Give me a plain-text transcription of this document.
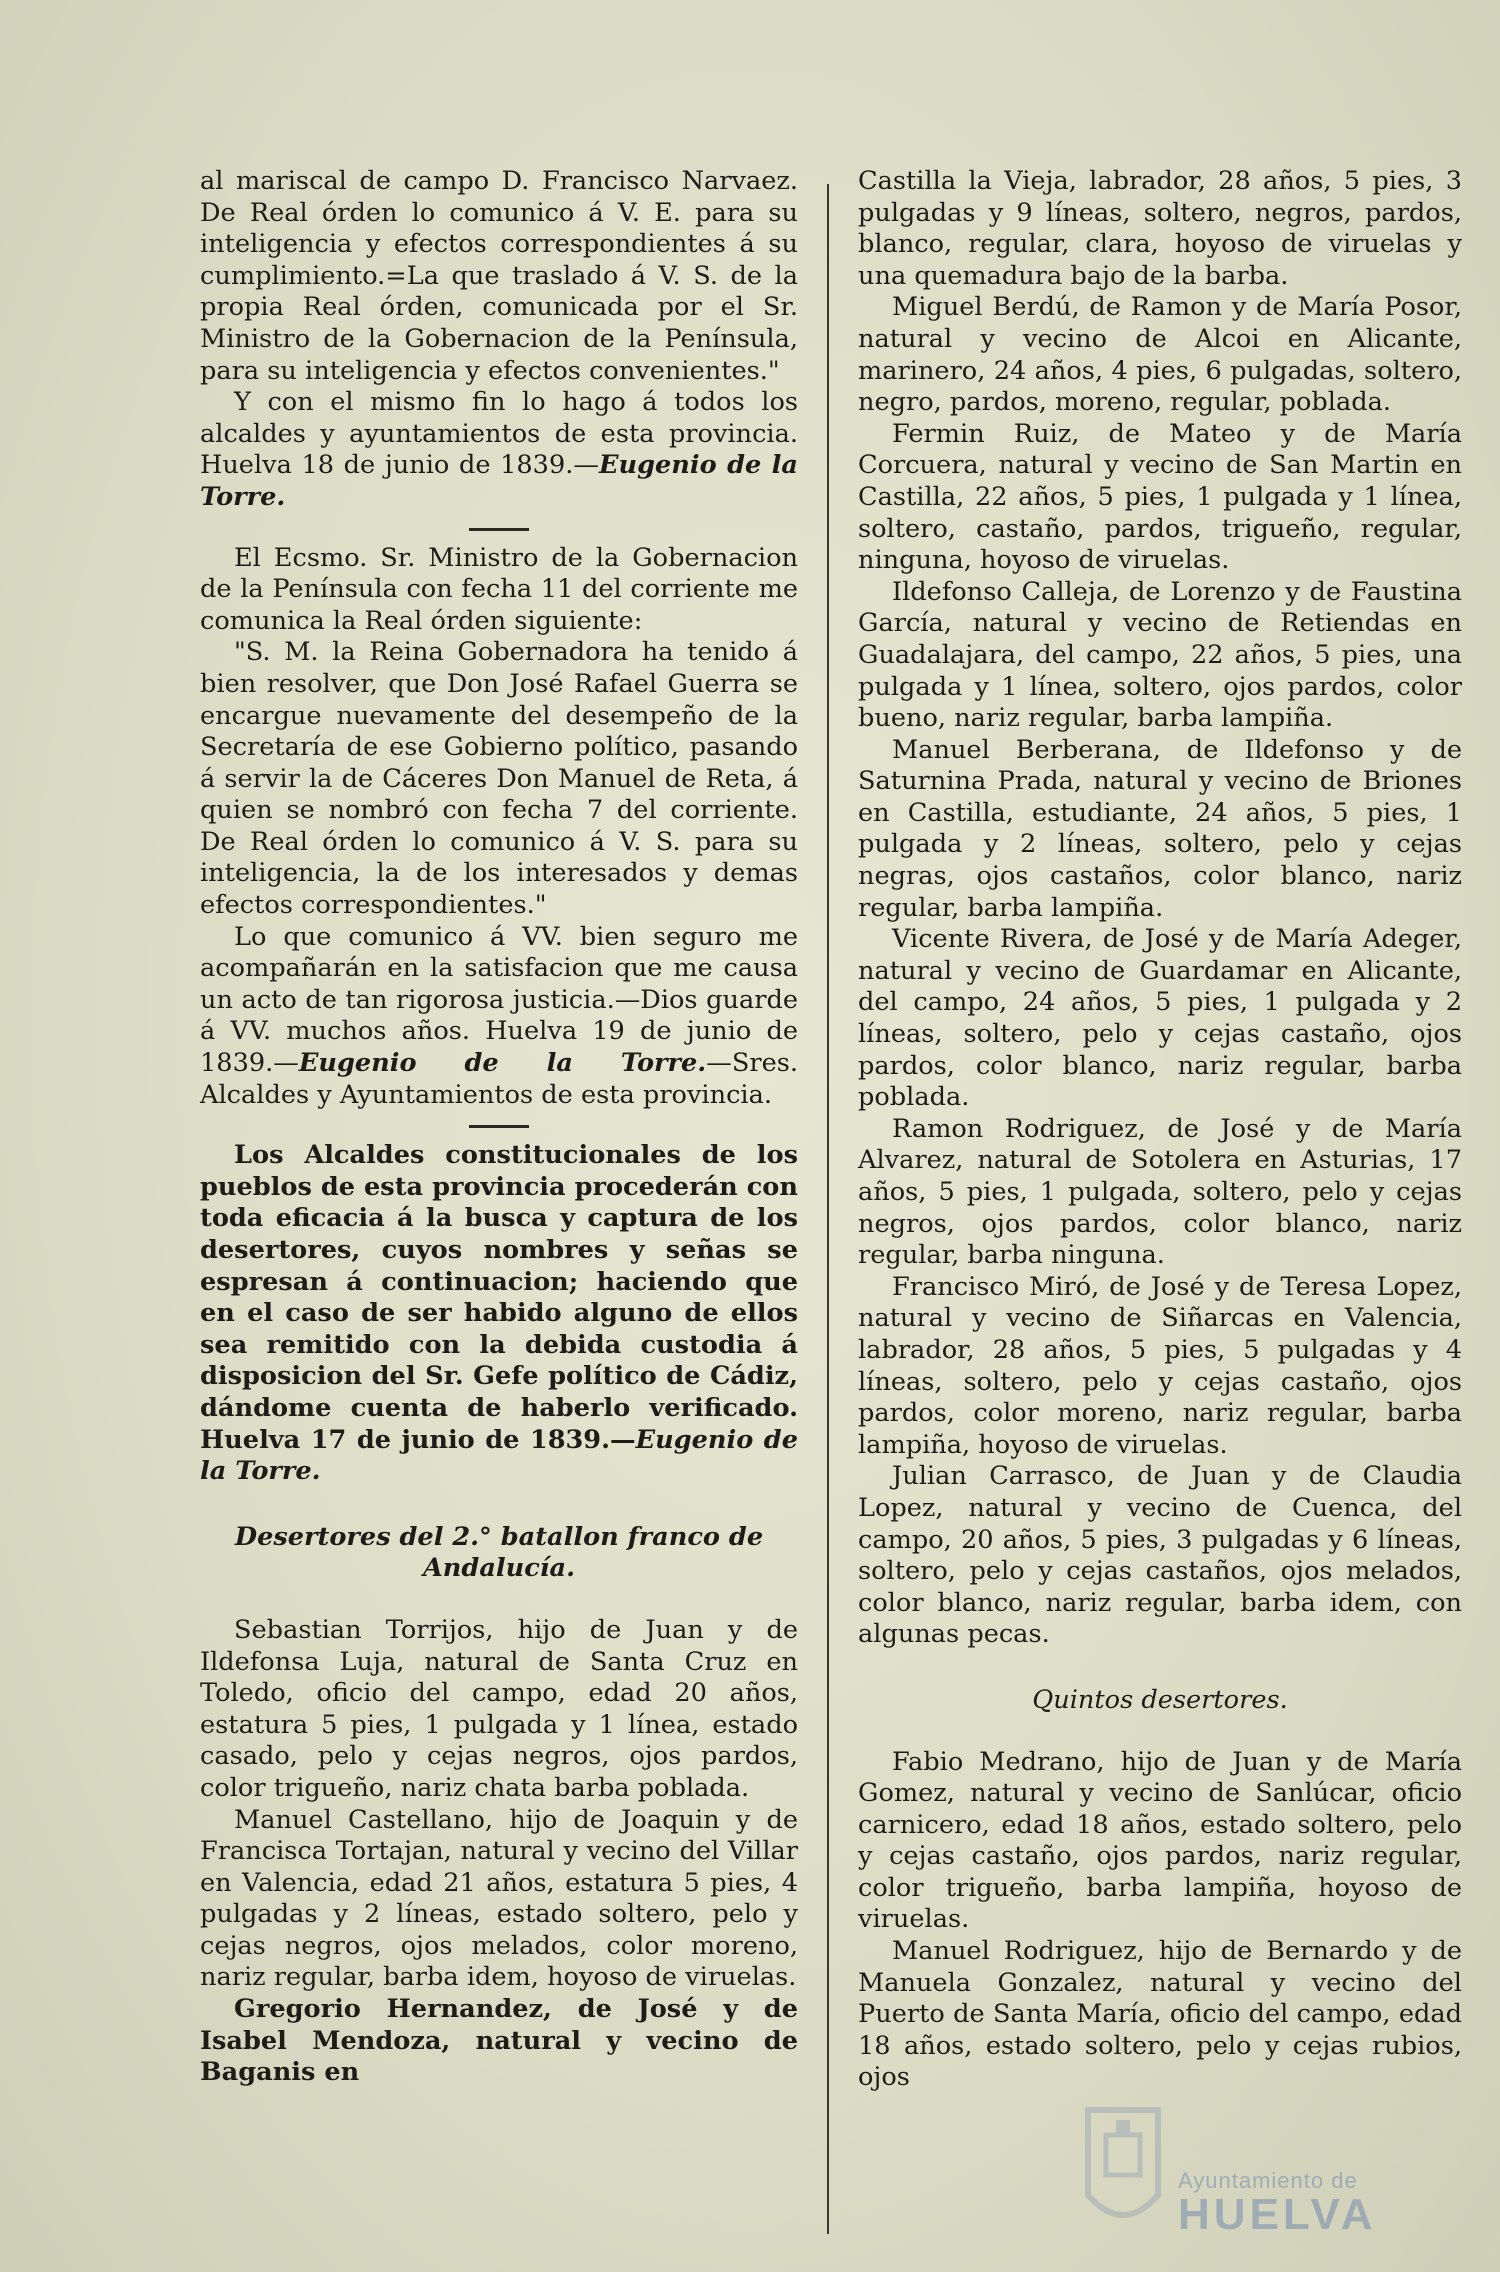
al mariscal de campo D. Francisco Narvaez. De Real órden lo comunico á V. E. para su inteligencia y efectos correspondientes á su cumplimiento.=La que traslado á V. S. de la propia Real órden, comunicada por el Sr. Ministro de la Gobernacion de la Península, para su inteligencia y efectos convenientes."

Y con el mismo fin lo hago á todos los alcaldes y ayuntamientos de esta provincia. Huelva 18 de junio de 1839.—Eugenio de la Torre.

El Ecsmo. Sr. Ministro de la Gobernacion de la Península con fecha 11 del corriente me comunica la Real órden siguiente:

"S. M. la Reina Gobernadora ha tenido á bien resolver, que Don José Rafael Guerra se encargue nuevamente del desempeño de la Secretaría de ese Gobierno político, pasando á servir la de Cáceres Don Manuel de Reta, á quien se nombró con fecha 7 del corriente. De Real órden lo comunico á V. S. para su inteligencia, la de los interesados y demas efectos correspondientes."

Lo que comunico á VV. bien seguro me acompañarán en la satisfacion que me causa un acto de tan rigorosa justicia.—Dios guarde á VV. muchos años. Huelva 19 de junio de 1839.—Eugenio de la Torre.—Sres. Alcaldes y Ayuntamientos de esta provincia.

Los Alcaldes constitucionales de los pueblos de esta provincia procederán con toda eficacia á la busca y captura de los desertores, cuyos nombres y señas se espresan á continuacion; haciendo que en el caso de ser habido alguno de ellos sea remitido con la debida custodia á disposicion del Sr. Gefe político de Cádiz, dándome cuenta de haberlo verificado. Huelva 17 de junio de 1839.—Eugenio de la Torre.

Desertores del 2.° batallon franco de Andalucía.

Sebastian Torrijos, hijo de Juan y de Ildefonsa Luja, natural de Santa Cruz en Toledo, oficio del campo, edad 20 años, estatura 5 pies, 1 pulgada y 1 línea, estado casado, pelo y cejas negros, ojos pardos, color trigueño, nariz chata barba poblada.

Manuel Castellano, hijo de Joaquin y de Francisca Tortajan, natural y vecino del Villar en Valencia, edad 21 años, estatura 5 pies, 4 pulgadas y 2 líneas, estado soltero, pelo y cejas negros, ojos melados, color moreno, nariz regular, barba idem, hoyoso de viruelas.

Gregorio Hernandez, de José y de Isabel Mendoza, natural y vecino de Baganis en

Castilla la Vieja, labrador, 28 años, 5 pies, 3 pulgadas y 9 líneas, soltero, negros, pardos, blanco, regular, clara, hoyoso de viruelas y una quemadura bajo de la barba.

Miguel Berdú, de Ramon y de María Posor, natural y vecino de Alcoi en Alicante, marinero, 24 años, 4 pies, 6 pulgadas, soltero, negro, pardos, moreno, regular, poblada.

Fermin Ruiz, de Mateo y de María Corcuera, natural y vecino de San Martin en Castilla, 22 años, 5 pies, 1 pulgada y 1 línea, soltero, castaño, pardos, trigueño, regular, ninguna, hoyoso de viruelas.

Ildefonso Calleja, de Lorenzo y de Faustina García, natural y vecino de Retiendas en Guadalajara, del campo, 22 años, 5 pies, una pulgada y 1 línea, soltero, ojos pardos, color bueno, nariz regular, barba lampiña.

Manuel Berberana, de Ildefonso y de Saturnina Prada, natural y vecino de Briones en Castilla, estudiante, 24 años, 5 pies, 1 pulgada y 2 líneas, soltero, pelo y cejas negras, ojos castaños, color blanco, nariz regular, barba lampiña.

Vicente Rivera, de José y de María Adeger, natural y vecino de Guardamar en Alicante, del campo, 24 años, 5 pies, 1 pulgada y 2 líneas, soltero, pelo y cejas castaño, ojos pardos, color blanco, nariz regular, barba poblada.

Ramon Rodriguez, de José y de María Alvarez, natural de Sotolera en Asturias, 17 años, 5 pies, 1 pulgada, soltero, pelo y cejas negros, ojos pardos, color blanco, nariz regular, barba ninguna.

Francisco Miró, de José y de Teresa Lopez, natural y vecino de Siñarcas en Valencia, labrador, 28 años, 5 pies, 5 pulgadas y 4 líneas, soltero, pelo y cejas castaño, ojos pardos, color moreno, nariz regular, barba lampiña, hoyoso de viruelas.

Julian Carrasco, de Juan y de Claudia Lopez, natural y vecino de Cuenca, del campo, 20 años, 5 pies, 3 pulgadas y 6 líneas, soltero, pelo y cejas castaños, ojos melados, color blanco, nariz regular, barba idem, con algunas pecas.

Quintos desertores.

Fabio Medrano, hijo de Juan y de María Gomez, natural y vecino de Sanlúcar, oficio carnicero, edad 18 años, estado soltero, pelo y cejas castaño, ojos pardos, nariz regular, color trigueño, barba lampiña, hoyoso de viruelas.

Manuel Rodriguez, hijo de Bernardo y de Manuela Gonzalez, natural y vecino del Puerto de Santa María, oficio del campo, edad 18 años, estado soltero, pelo y cejas rubios, ojos

Ayuntamiento de
HUELVA
